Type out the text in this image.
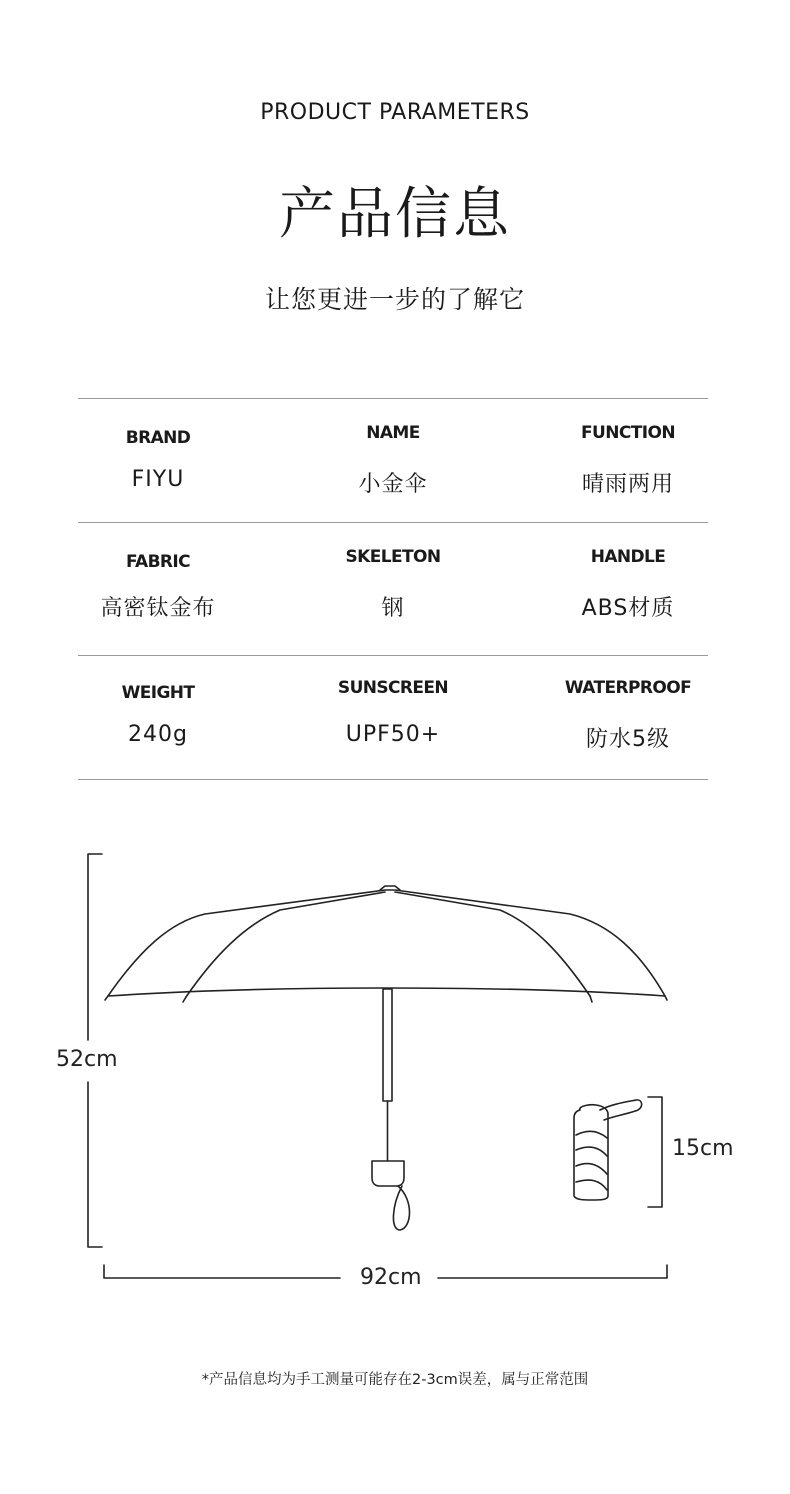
PRODUCT PARAMETERS
产品信息
让您更进一步的了解它
BRAND
FIYU
NAME
小金伞
FUNCTION
晴雨两用
FABRIC
高密钛金布
SKELETON
钢
HANDLE
ABS材质
WEIGHT
240g
SUNSCREEN
UPF50+
WATERPROOF
防水5级
52cm
92cm
15cm
*产品信息均为手工测量可能存在2-3cm误差，属与正常范围
